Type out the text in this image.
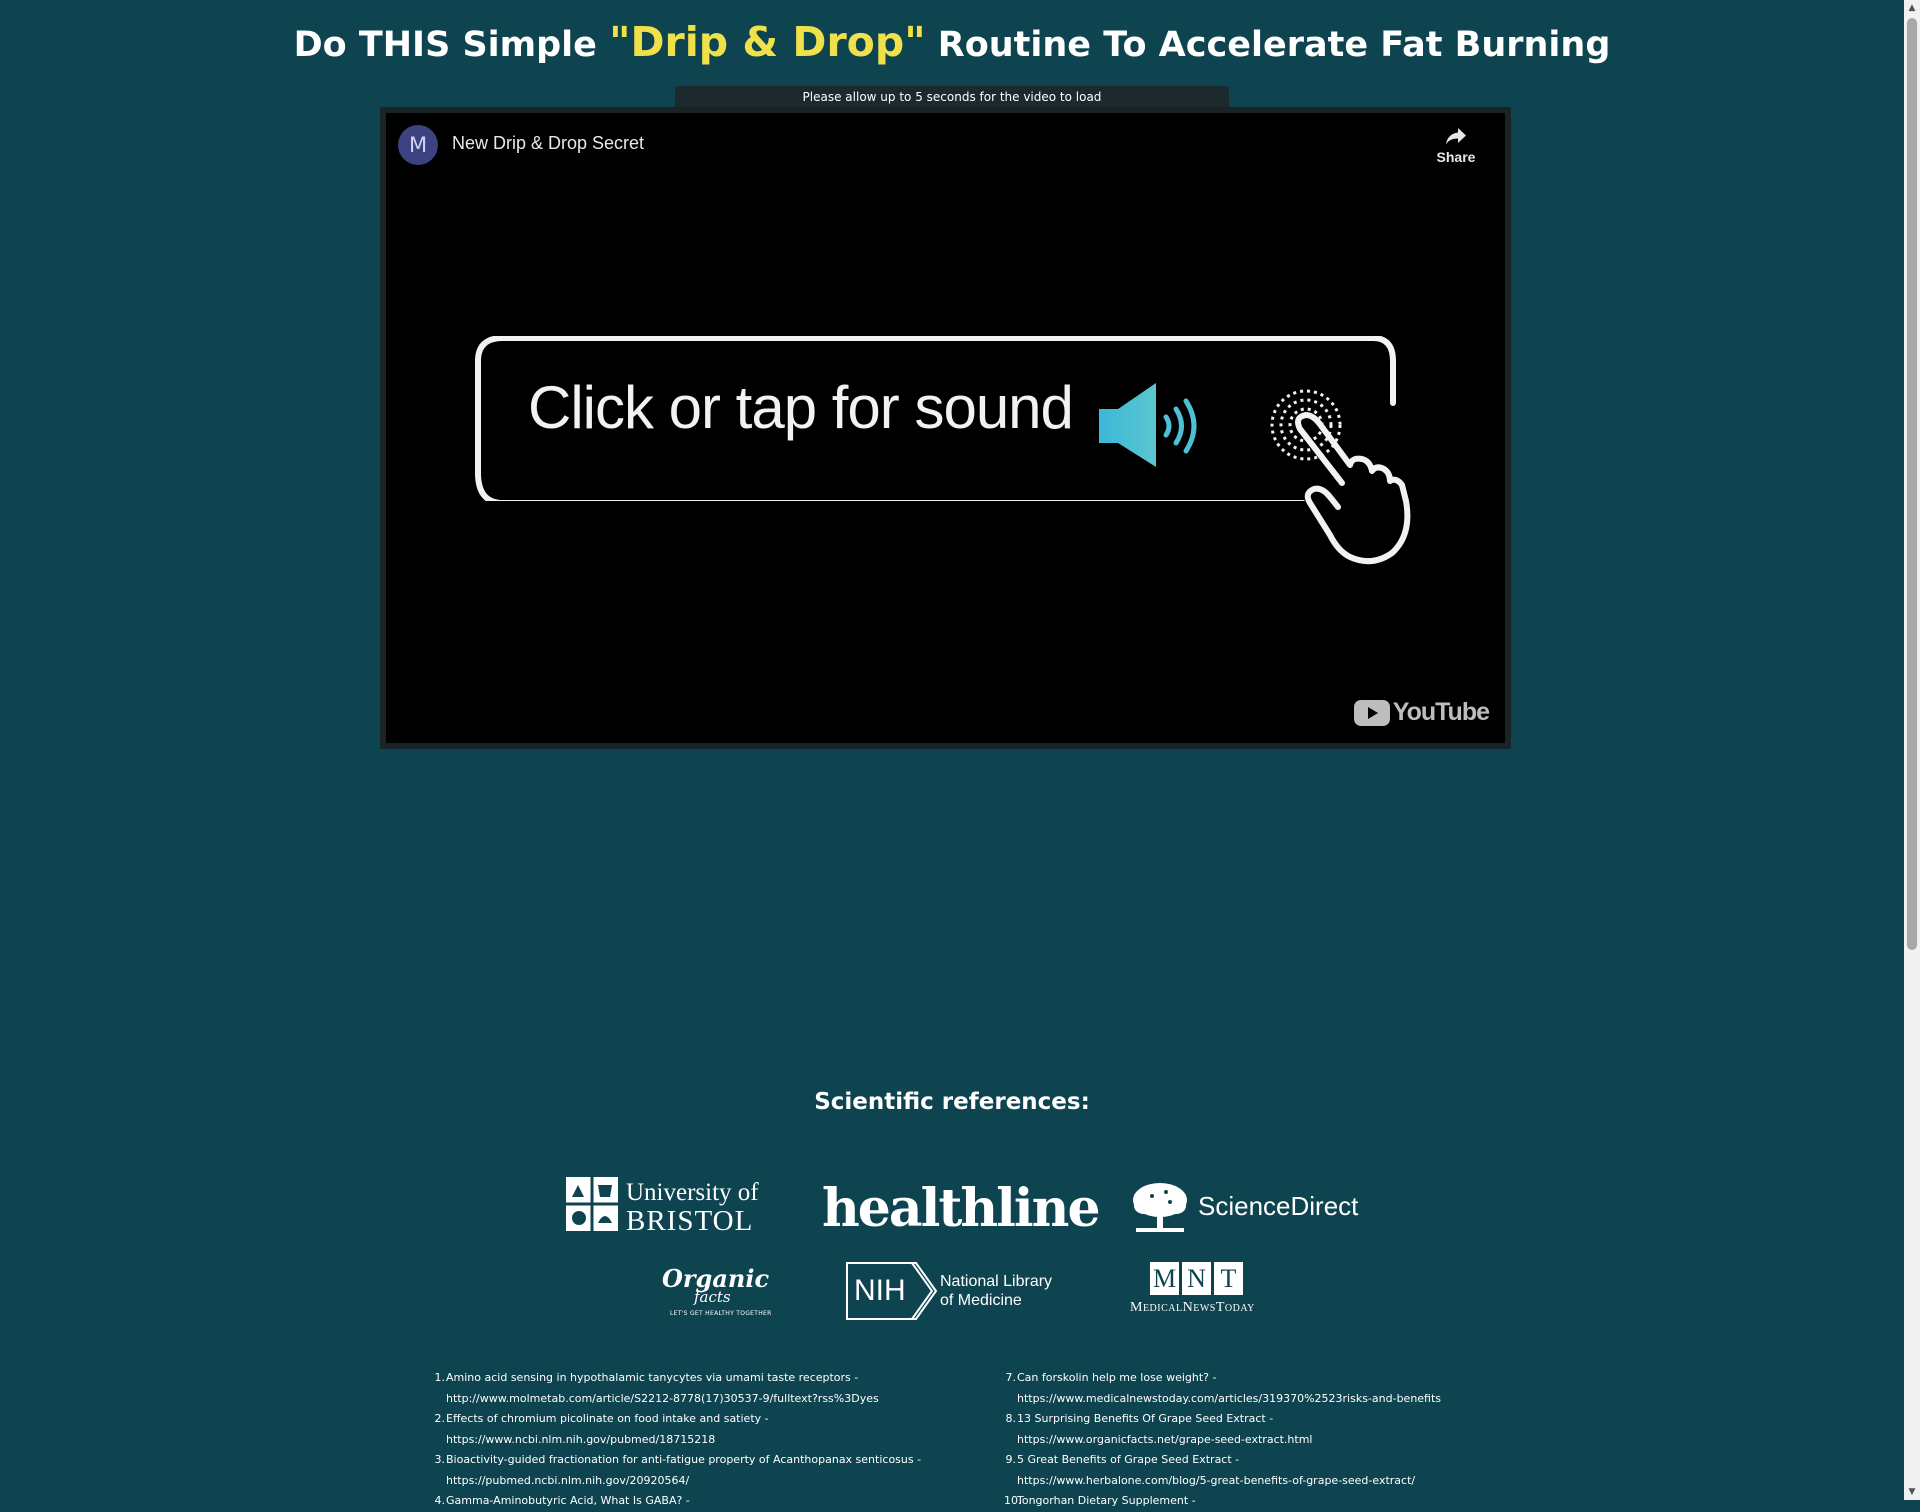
Do THIS Simple "Drip & Drop" Routine To Accelerate Fat Burning
Please allow up to 5 seconds for the video to load
M	New Drip & Drop Secret
Share
Click or tap for sound
YouTube
Scientific references:
University of
BRISTOL healthline	ScienceDirect
Organic
facts
LET'S GET HEALTHY TOGETHER
NIH National Library
of Medicine
M N T
MedicalNewsToday
1. Amino acid sensing in hypothalamic tanycytes via umami taste receptors -
http://www.molmetab.com/article/S2212-8778(17)30537-9/fulltext?rss%3Dyes
2. Effects of chromium picolinate on food intake and satiety -
https://www.ncbi.nlm.nih.gov/pubmed/18715218
3. Bioactivity-guided fractionation for anti-fatigue property of Acanthopanax senticosus -
https://pubmed.ncbi.nlm.nih.gov/20920564/
4. Gamma-Aminobutyric Acid, What Is GABA? -
7. Can forskolin help me lose weight? -
https://www.medicalnewstoday.com/articles/319370%2523risks-and-benefits
8. 13 Surprising Benefits Of Grape Seed Extract -
https://www.organicfacts.net/grape-seed-extract.html
9. 5 Great Benefits of Grape Seed Extract -
https://www.herbalone.com/blog/5-great-benefits-of-grape-seed-extract/
10.
Tongorhan Dietary Supplement -
▲
▼
